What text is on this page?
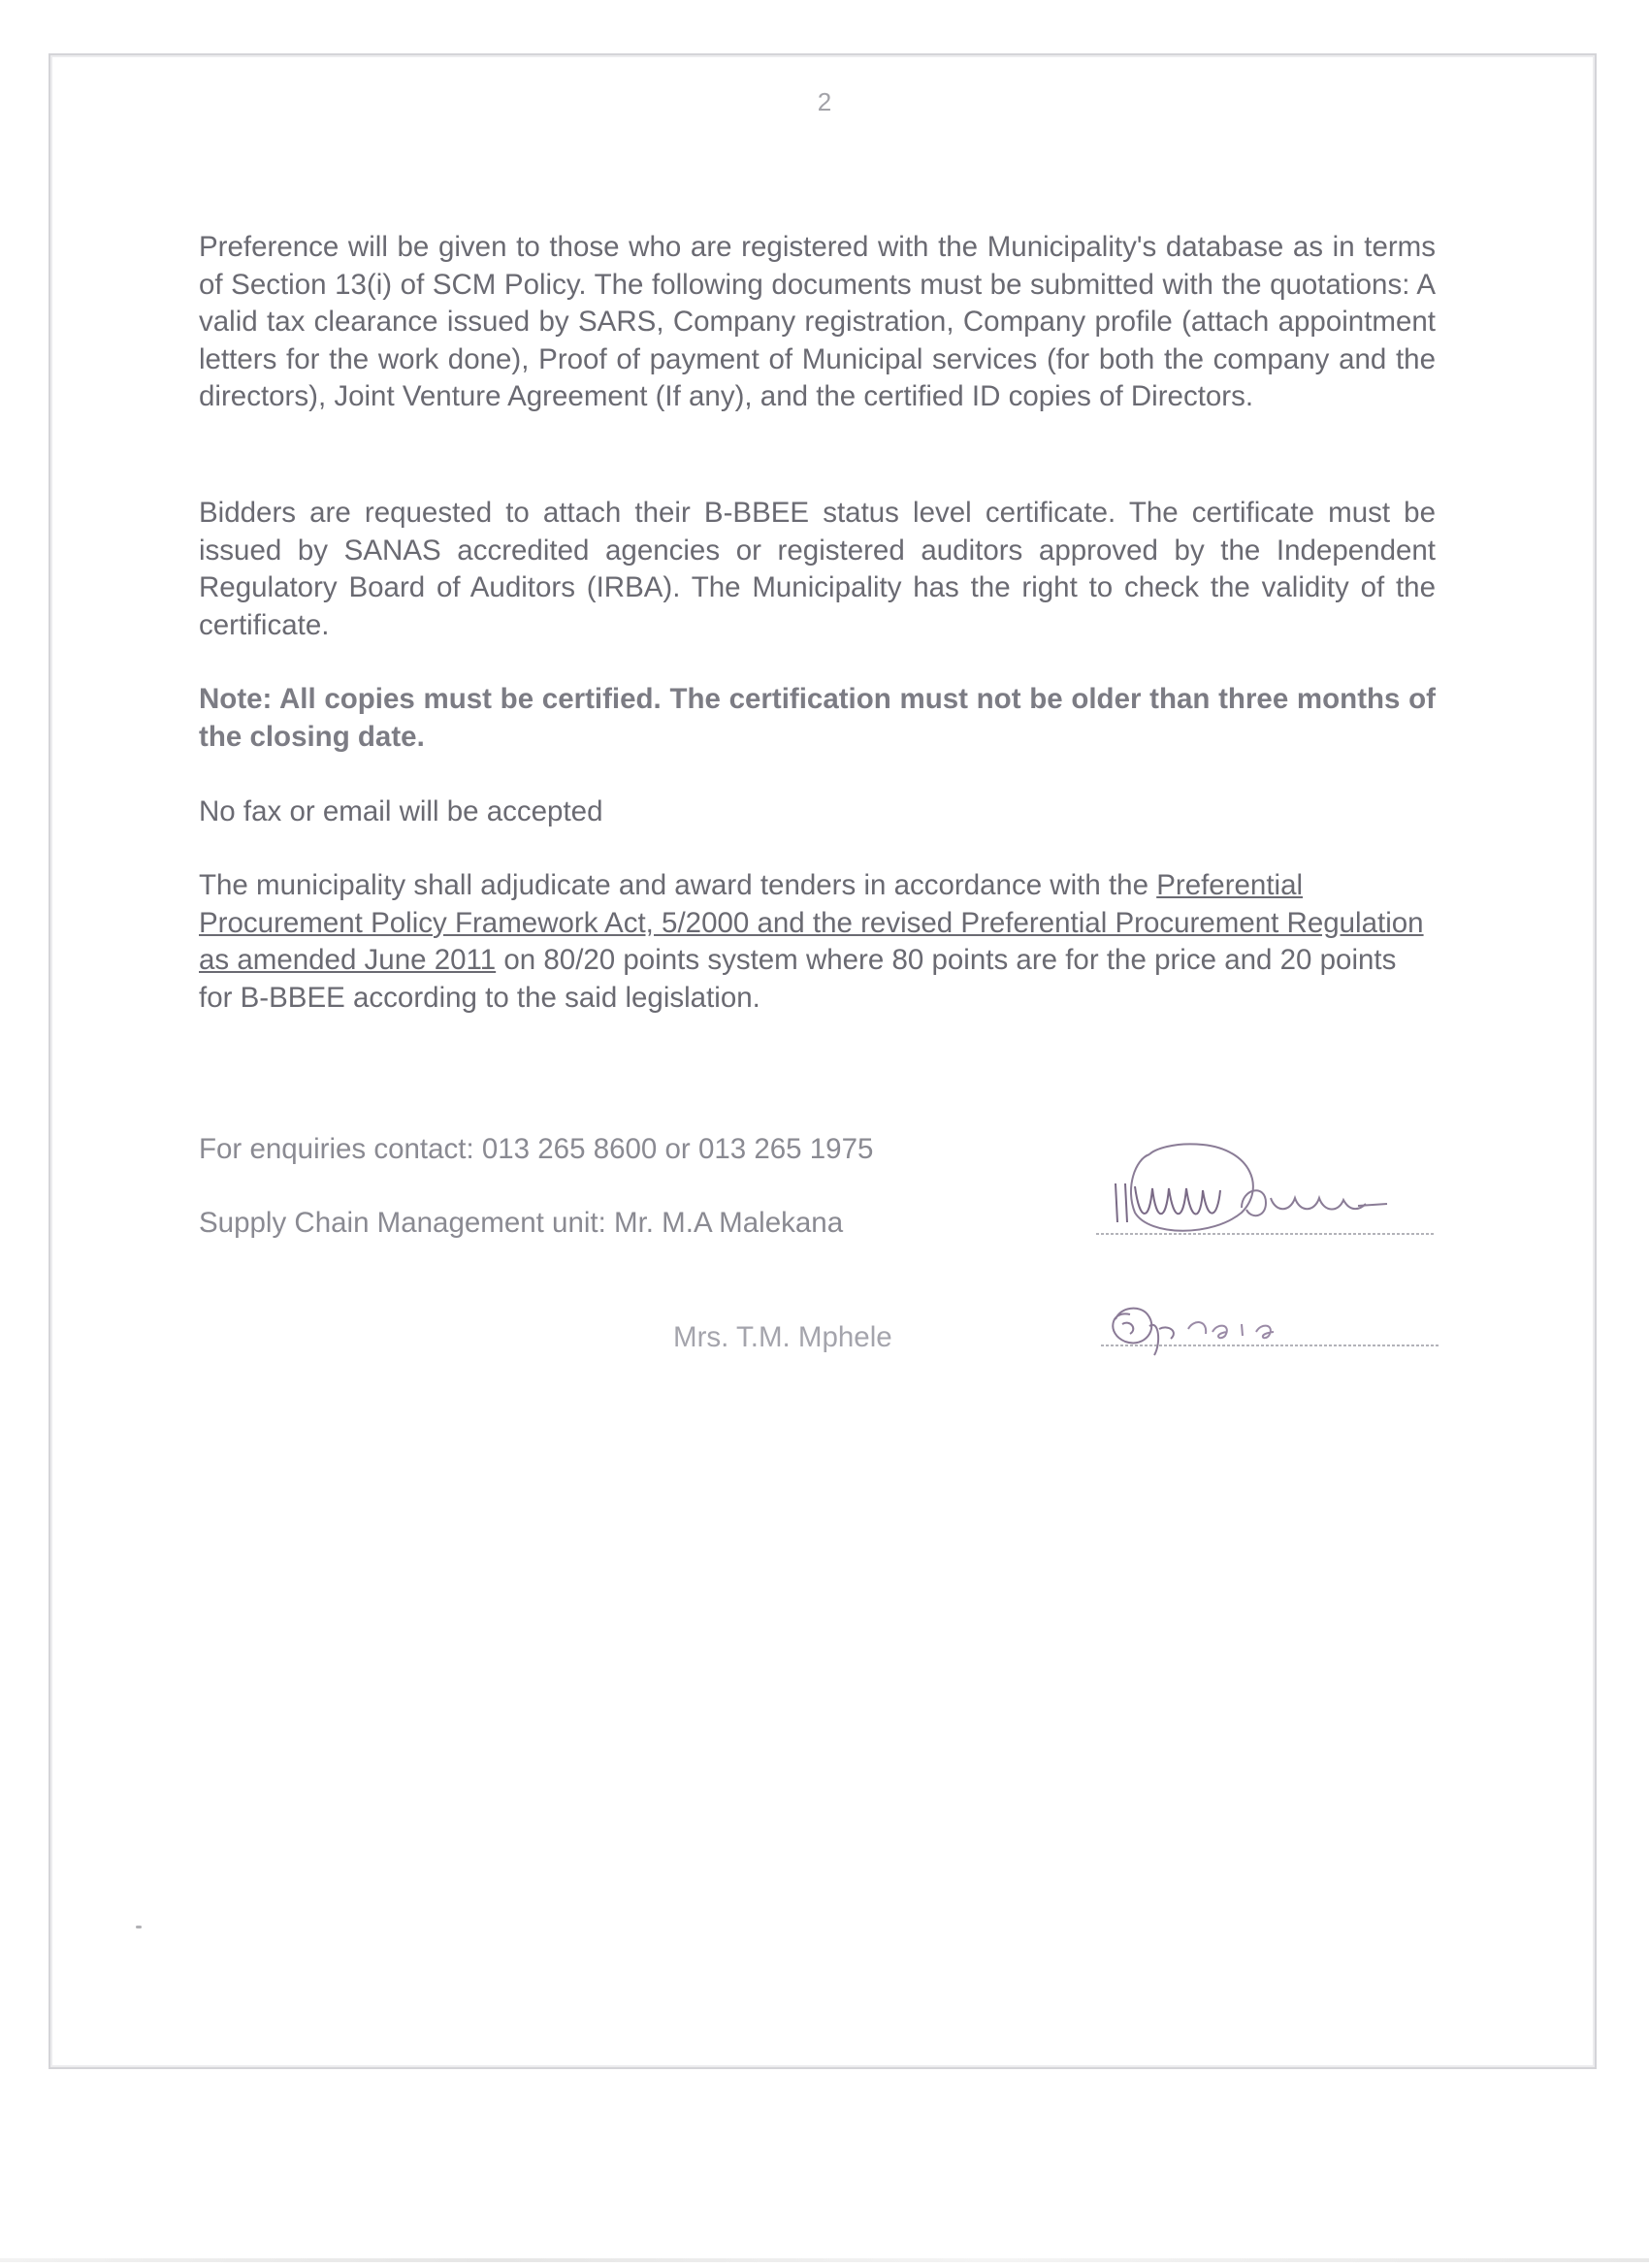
2

Preference will be given to those who are registered with the Municipality's database as in terms of Section 13(i) of SCM Policy. The following documents must be submitted with the quotations: A valid tax clearance issued by SARS, Company registration, Company profile (attach appointment letters for the work done), Proof of payment of Municipal services (for both the company and the directors), Joint Venture Agreement (If any), and the certified ID copies of Directors.

Bidders are requested to attach their B-BBEE status level certificate. The certificate must be issued by SANAS accredited agencies or registered auditors approved by the Independent Regulatory Board of Auditors (IRBA). The Municipality has the right to check the validity of the certificate.

Note: All copies must be certified. The certification must not be older than three months of the closing date.

No fax or email will be accepted

The municipality shall adjudicate and award tenders in accordance with the Preferential Procurement Policy Framework Act, 5/2000 and the revised Preferential Procurement Regulation as amended June 2011 on 80/20 points system where 80 points are for the price and 20 points for B-BBEE according to the said legislation.

For enquiries contact: 013 265 8600 or 013 265 1975

Supply Chain Management unit: Mr. M.A Malekana

Mrs. T.M. Mphele
